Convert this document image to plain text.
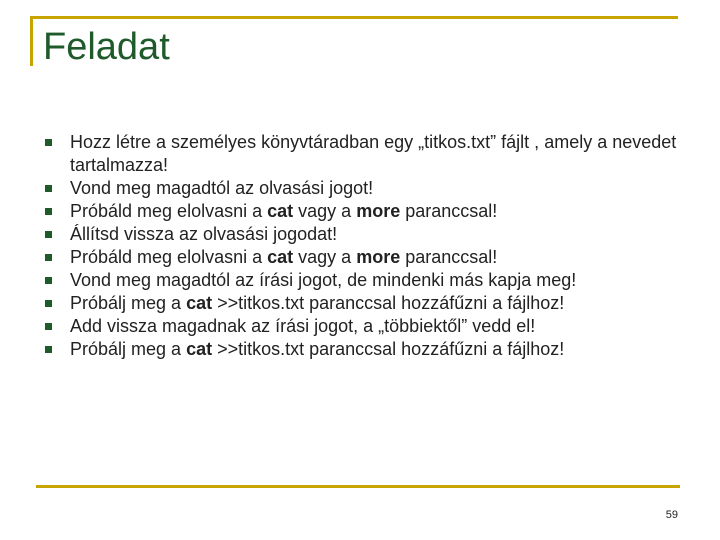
Feladat
Hozz létre a személyes könyvtáradban egy „titkos.txt” fájlt , amely a nevedet tartalmazza!
Vond meg magadtól az olvasási jogot!
Próbáld meg elolvasni a cat vagy a more paranccsal!
Állítsd vissza az olvasási jogodat!
Próbáld meg elolvasni a cat vagy a more paranccsal!
Vond meg magadtól az írási jogot, de mindenki más kapja meg!
Próbálj meg a cat >>titkos.txt paranccsal hozzáfűzni a fájlhoz!
Add vissza magadnak az írási jogot, a „többiektől” vedd el!
Próbálj meg a cat >>titkos.txt paranccsal hozzáfűzni a fájlhoz!
59
